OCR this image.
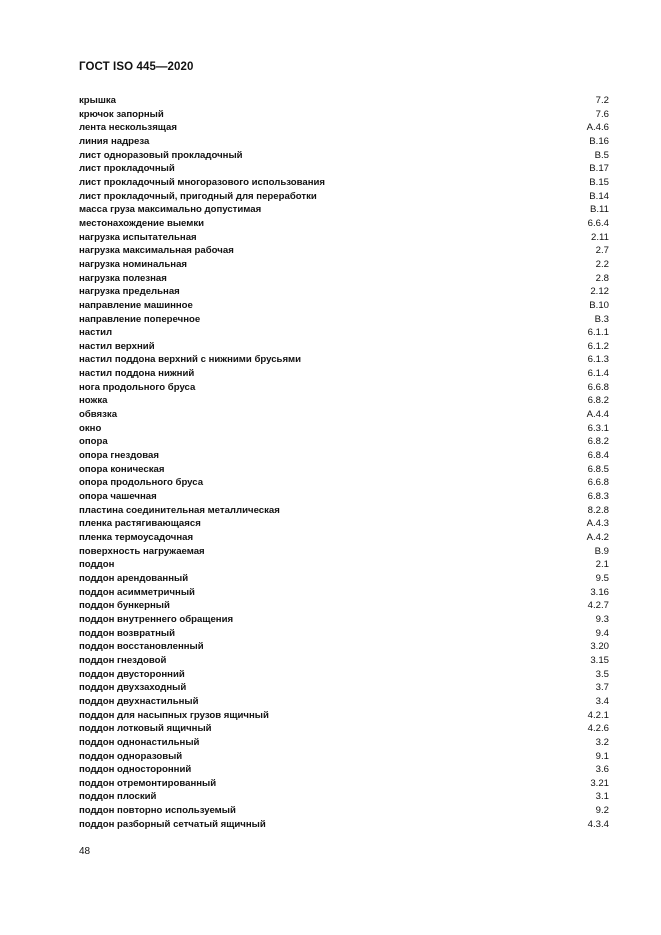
ГОСТ ISO 445—2020
крышка	7.2
крючок запорный	7.6
лента нескользящая	A.4.6
линия надреза	B.16
лист одноразовый прокладочный	B.5
лист прокладочный	B.17
лист прокладочный многоразового использования	B.15
лист прокладочный, пригодный для переработки	B.14
масса груза максимально допустимая	B.11
местонахождение выемки	6.6.4
нагрузка испытательная	2.11
нагрузка максимальная рабочая	2.7
нагрузка номинальная	2.2
нагрузка полезная	2.8
нагрузка предельная	2.12
направление машинное	B.10
направление поперечное	B.3
настил	6.1.1
настил верхний	6.1.2
настил поддона верхний с нижними брусьями	6.1.3
настил поддона нижний	6.1.4
нога продольного бруса	6.6.8
ножка	6.8.2
обвязка	A.4.4
окно	6.3.1
опора	6.8.2
опора гнездовая	6.8.4
опора коническая	6.8.5
опора продольного бруса	6.6.8
опора чашечная	6.8.3
пластина соединительная металлическая	8.2.8
пленка растягивающаяся	A.4.3
пленка термоусадочная	A.4.2
поверхность нагружаемая	B.9
поддон	2.1
поддон арендованный	9.5
поддон асимметричный	3.16
поддон бункерный	4.2.7
поддон внутреннего обращения	9.3
поддон возвратный	9.4
поддон восстановленный	3.20
поддон гнездовой	3.15
поддон двусторонний	3.5
поддон двухзаходный	3.7
поддон двухнастильный	3.4
поддон для насыпных грузов ящичный	4.2.1
поддон лотковый ящичный	4.2.6
поддон однонастильный	3.2
поддон одноразовый	9.1
поддон односторонний	3.6
поддон отремонтированный	3.21
поддон плоский	3.1
поддон повторно используемый	9.2
поддон разборный сетчатый ящичный	4.3.4
48
